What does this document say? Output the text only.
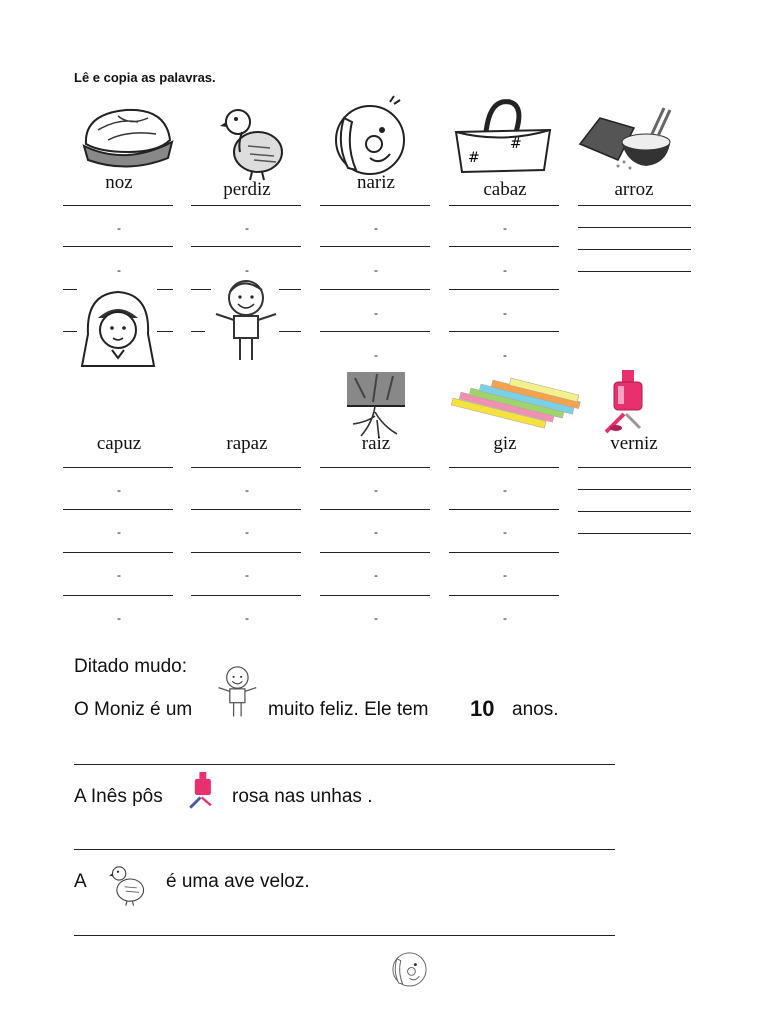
Lê e copia as palavras.
#
#
noz	perdiz	nariz	cabaz	arroz
-
-
-
-
-
-
-
-
-
-
-
-
capuz	rapaz	raiz	giz	verniz
-
-
-
-
-
-
-
-
-
-
-
-
-
-
-
-
Ditado mudo:
O Moniz é um	muito feliz. Ele tem 10 anos.
A Inês pôs	rosa nas unhas .
A	é uma ave veloz.
